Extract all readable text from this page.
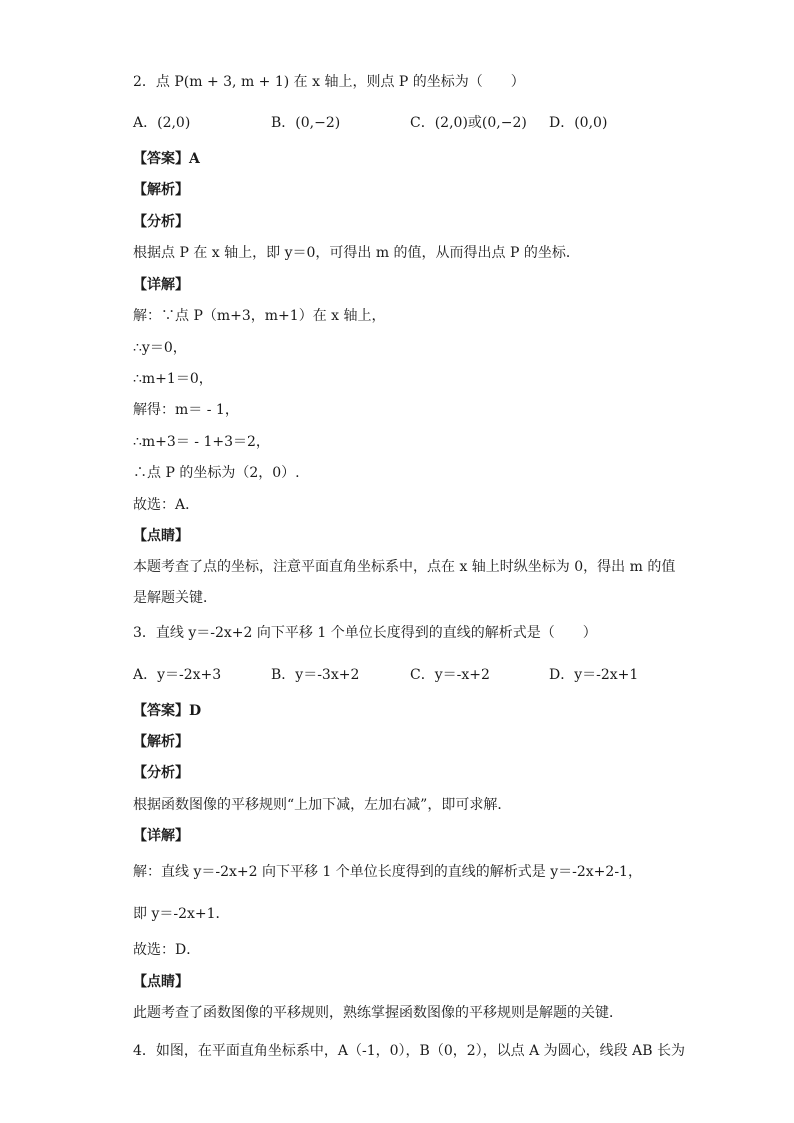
2．点 P(m + 3, m + 1) 在 x 轴上，则点 P 的坐标为（　　）
A．(2,0)	B．(0,−2)	C．(2,0)或(0,−2) D．(0,0)
【答案】A
【解析】
【分析】
根据点 P 在 x 轴上，即 y＝0，可得出 m 的值，从而得出点 P 的坐标．
【详解】
解：∵点 P（m+3，m+1）在 x 轴上，
∴y＝0，
∴m+1＝0，
解得：m＝ - 1，
∴m+3＝ - 1+3＝2，
∴点 P 的坐标为（2，0）.
故选：A．
【点睛】
本题考查了点的坐标，注意平面直角坐标系中，点在 x 轴上时纵坐标为 0，得出 m 的值
是解题关键．
3．直线 y＝-2x+2 向下平移 1 个单位长度得到的直线的解析式是（　　）
A．y＝-2x+3	B．y＝-3x+2	C．y＝-x+2	D．y＝-2x+1
【答案】D
【解析】
【分析】
根据函数图像的平移规则“上加下减，左加右减”，即可求解．
【详解】
解：直线 y＝-2x+2 向下平移 1 个单位长度得到的直线的解析式是 y＝-2x+2-1，
即 y＝-2x+1．
故选：D．
【点睛】
此题考查了函数图像的平移规则，熟练掌握函数图像的平移规则是解题的关键．
4．如图，在平面直角坐标系中，A（-1，0），B（0，2），以点 A 为圆心，线段 AB 长为
